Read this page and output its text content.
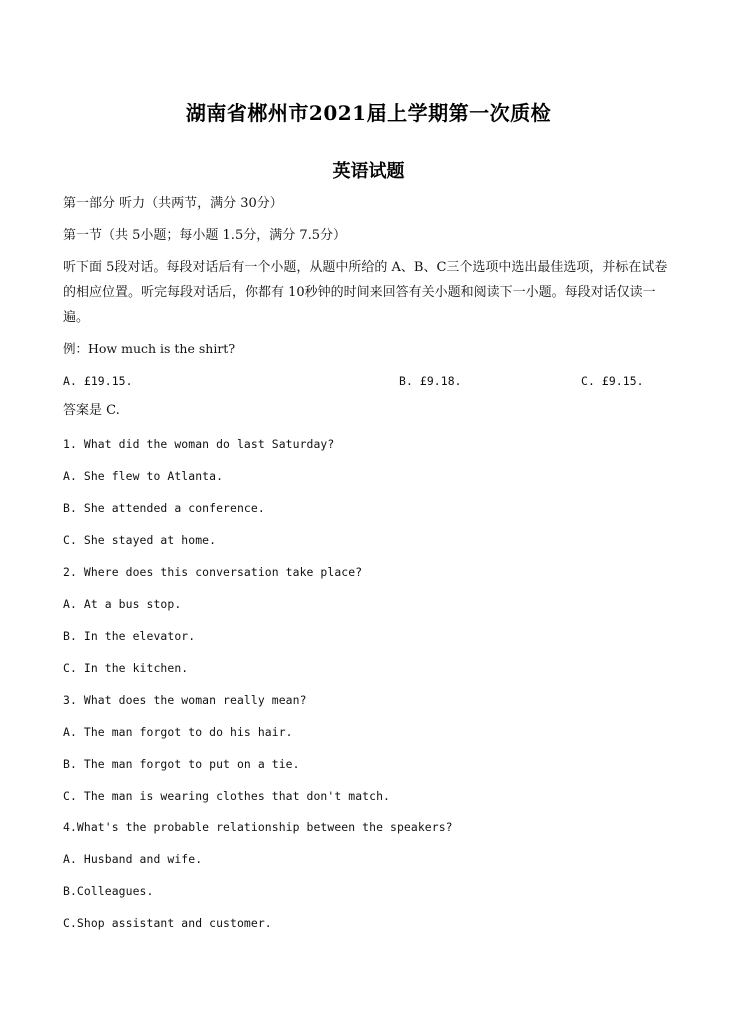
湖南省郴州市2021届上学期第一次质检
英语试题
第一部分 听力（共两节，满分 30分）
第一节（共 5小题；每小题 1.5分，满分 7.5分）
听下面 5段对话。每段对话后有一个小题，从题中所给的 A、B、C三个选项中选出最佳选项，并标在试卷的相应位置。听完每段对话后，你都有 10秒钟的时间来回答有关小题和阅读下一小题。每段对话仅读一遍。
例：How much is the shirt?
A. £19.15.	B. £9.18.	C. £9.15.
答案是 C.
1. What did the woman do last Saturday?
A. She flew to Atlanta.
B. She attended a conference.
C. She stayed at home.
2. Where does this conversation take place?
A. At a bus stop.
B. In the elevator.
C. In the kitchen.
3. What does the woman really mean?
A. The man forgot to do his hair.
B. The man forgot to put on a tie.
C. The man is wearing clothes that don't match.
4.What's the probable relationship between the speakers?
A. Husband and wife.
B.Colleagues.
C.Shop assistant and customer.
